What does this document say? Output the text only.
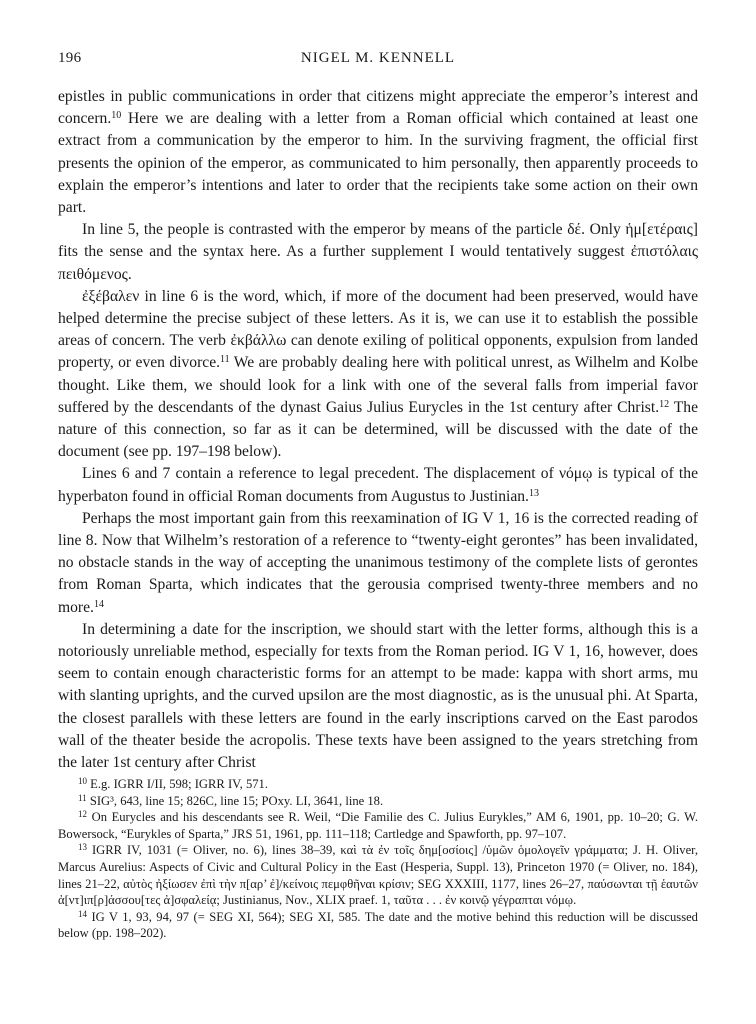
196	NIGEL M. KENNELL

epistles in public communications in order that citizens might appreciate the emperor’s interest and concern.$^{10}$ Here we are dealing with a letter from a Roman official which contained at least one extract from a communication by the emperor to him. In the surviving fragment, the official first presents the opinion of the emperor, as communicated to him personally, then apparently proceeds to explain the emperor’s intentions and later to order that the recipients take some action on their own part.

In line 5, the people is contrasted with the emperor by means of the particle δέ. Only ἡμ[ετέραις] fits the sense and the syntax here. As a further supplement I would tentatively suggest ἐπιστόλαις πειθόμενος.

ἐξέβαλεν in line 6 is the word, which, if more of the document had been preserved, would have helped determine the precise subject of these letters. As it is, we can use it to establish the possible areas of concern. The verb ἐκβάλλω can denote exiling of political opponents, expulsion from landed property, or even divorce.$^{11}$ We are probably dealing here with political unrest, as Wilhelm and Kolbe thought. Like them, we should look for a link with one of the several falls from imperial favor suffered by the descendants of the dynast Gaius Julius Eurycles in the 1st century after Christ.$^{12}$ The nature of this connection, so far as it can be determined, will be discussed with the date of the document (see pp. 197–198 below).

Lines 6 and 7 contain a reference to legal precedent. The displacement of νόμῳ is typical of the hyperbaton found in official Roman documents from Augustus to Justinian.$^{13}$

Perhaps the most important gain from this reexamination of IG V 1, 16 is the corrected reading of line 8. Now that Wilhelm’s restoration of a reference to “twenty-eight gerontes” has been invalidated, no obstacle stands in the way of accepting the unanimous testimony of the complete lists of gerontes from Roman Sparta, which indicates that the gerousia comprised twenty-three members and no more.$^{14}$

In determining a date for the inscription, we should start with the letter forms, although this is a notoriously unreliable method, especially for texts from the Roman period. IG V 1, 16, however, does seem to contain enough characteristic forms for an attempt to be made: kappa with short arms, mu with slanting uprights, and the curved upsilon are the most diagnostic, as is the unusual phi. At Sparta, the closest parallels with these letters are found in the early inscriptions carved on the East parodos wall of the theater beside the acropolis. These texts have been assigned to the years stretching from the later 1st century after Christ

$^{10}$ E.g. IGRR I/II, 598; IGRR IV, 571.

$^{11}$ SIG³, 643, line 15; 826C, line 15; POxy. LI, 3641, line 18.

$^{12}$ On Eurycles and his descendants see R. Weil, “Die Familie des C. Julius Eurykles,” AM 6, 1901, pp. 10–20; G. W. Bowersock, “Eurykles of Sparta,” JRS 51, 1961, pp. 111–118; Cartledge and Spawforth, pp. 97–107.

$^{13}$ IGRR IV, 1031 (= Oliver, no. 6), lines 38–39, καὶ τὰ ἐν τοῖς δημ[οσίοις] /ὑμῶν ὁμολογεῖν γράμματα; J. H. Oliver, Marcus Aurelius: Aspects of Civic and Cultural Policy in the East (Hesperia, Suppl. 13), Princeton 1970 (= Oliver, no. 184), lines 21–22, αὐτὸς ἠξίωσεν ἐπὶ τὴν π[αρ’ ἐ]/κείνοις πεμφθῆναι κρίσιν; SEG XXXIII, 1177, lines 26–27, παύσωνται τῇ ἑαυτῶν ἀ[ντ]ιπ[ρ]άσσου[τες ἀ]σφαλείᾳ; Justinianus, Nov., XLIX praef. 1, ταῦτα . . . ἐν κοινῷ γέγραπται νόμῳ.

$^{14}$ IG V 1, 93, 94, 97 (= SEG XI, 564); SEG XI, 585. The date and the motive behind this reduction will be discussed below (pp. 198–202).
